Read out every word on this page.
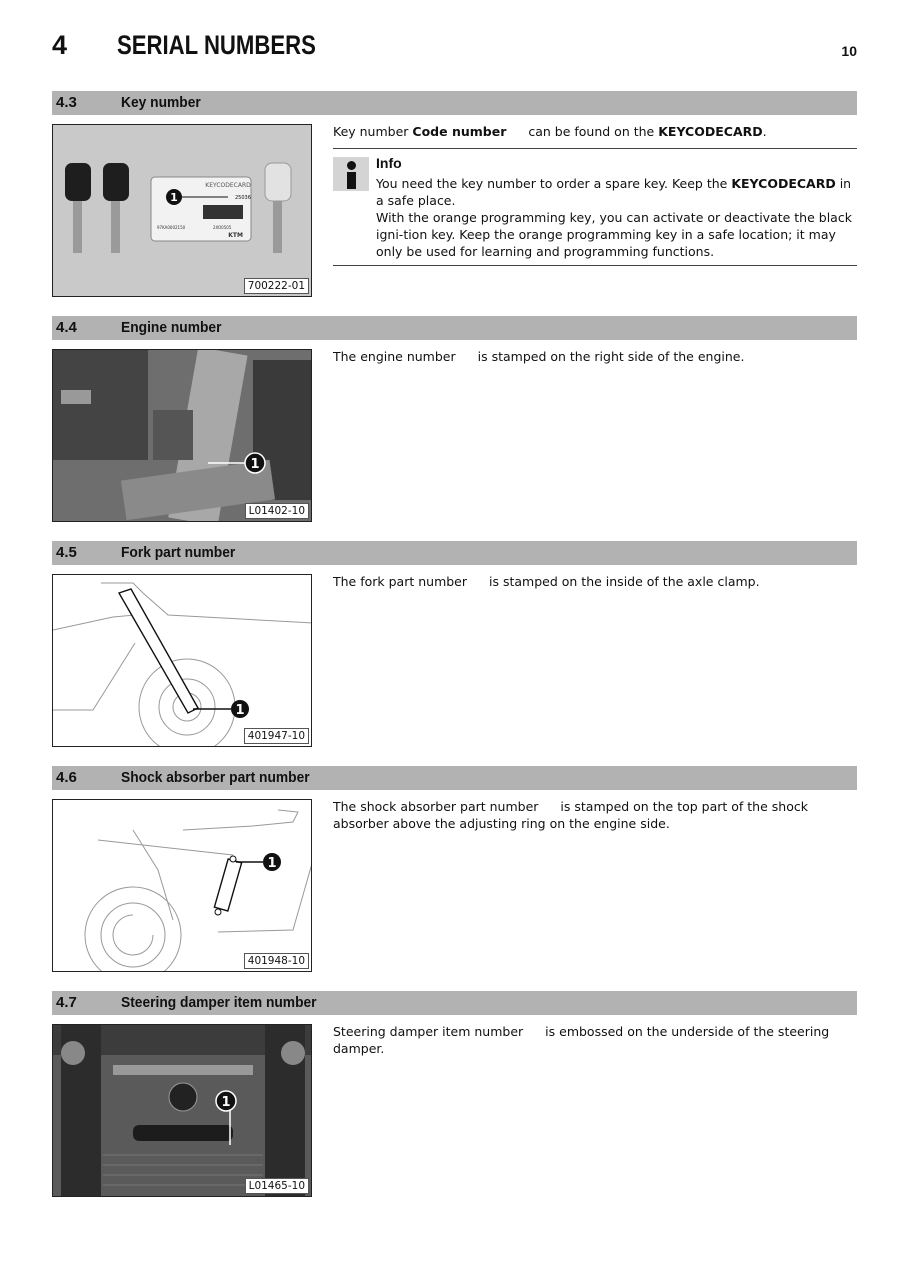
4 SERIAL NUMBERS	10
4.3	Key number
KEYCODECARD
25036
97KA0002150	2XO0505
KTM
1
700222-01
Key number Code number can be found on the KEYCODECARD.
Info
You need the key number to order a spare key. Keep the KEYCODECARD in a safe place.
With the orange programming key, you can activate or deactivate the black igni-tion key. Keep the orange programming key in a safe location; it may only be used for learning and programming functions.
4.4	Engine number
1
L01402-10
The engine number is stamped on the right side of the engine.
4.5	Fork part number
1
401947-10
The fork part number is stamped on the inside of the axle clamp.
4.6	Shock absorber part number
1
401948-10
The shock absorber part number is stamped on the top part of the shock absorber above the adjusting ring on the engine side.
4.7	Steering damper item number
1
L01465-10
Steering damper item number is embossed on the underside of the steering damper.
